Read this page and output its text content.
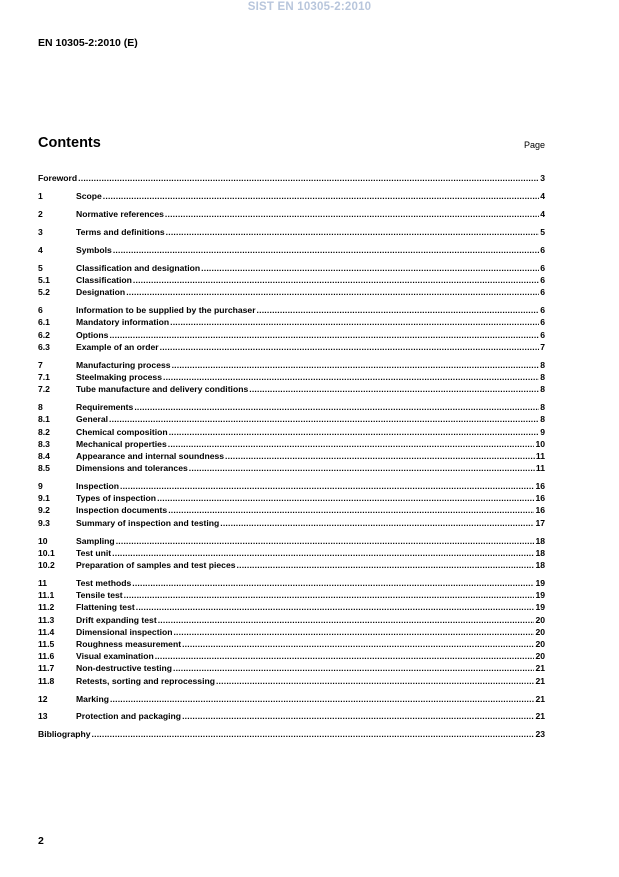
SIST EN 10305-2:2010
EN 10305-2:2010 (E)
Contents	Page
Foreword .....	3
1	Scope .....	4
2	Normative references .....	4
3	Terms and definitions .....	5
4	Symbols .....	6
5	Classification and designation .....	6
5.1	Classification .....	6
5.2	Designation .....	6
6	Information to be supplied by the purchaser .....	6
6.1	Mandatory information .....	6
6.2	Options .....	6
6.3	Example of an order .....	7
7	Manufacturing process .....	8
7.1	Steelmaking process .....	8
7.2	Tube manufacture and delivery conditions .....	8
8	Requirements .....	8
8.1	General .....	8
8.2	Chemical composition .....	9
8.3	Mechanical properties .....	10
8.4	Appearance and internal soundness .....	11
8.5	Dimensions and tolerances .....	11
9	Inspection .....	16
9.1	Types of inspection .....	16
9.2	Inspection documents .....	16
9.3	Summary of inspection and testing .....	17
10	Sampling .....	18
10.1	Test unit .....	18
10.2	Preparation of samples and test pieces .....	18
11	Test methods .....	19
11.1	Tensile test .....	19
11.2	Flattening test .....	19
11.3	Drift expanding test .....	20
11.4	Dimensional inspection .....	20
11.5	Roughness measurement .....	20
11.6	Visual examination .....	20
11.7	Non-destructive testing .....	21
11.8	Retests, sorting and reprocessing .....	21
12	Marking .....	21
13	Protection and packaging .....	21
Bibliography .....	23
2
